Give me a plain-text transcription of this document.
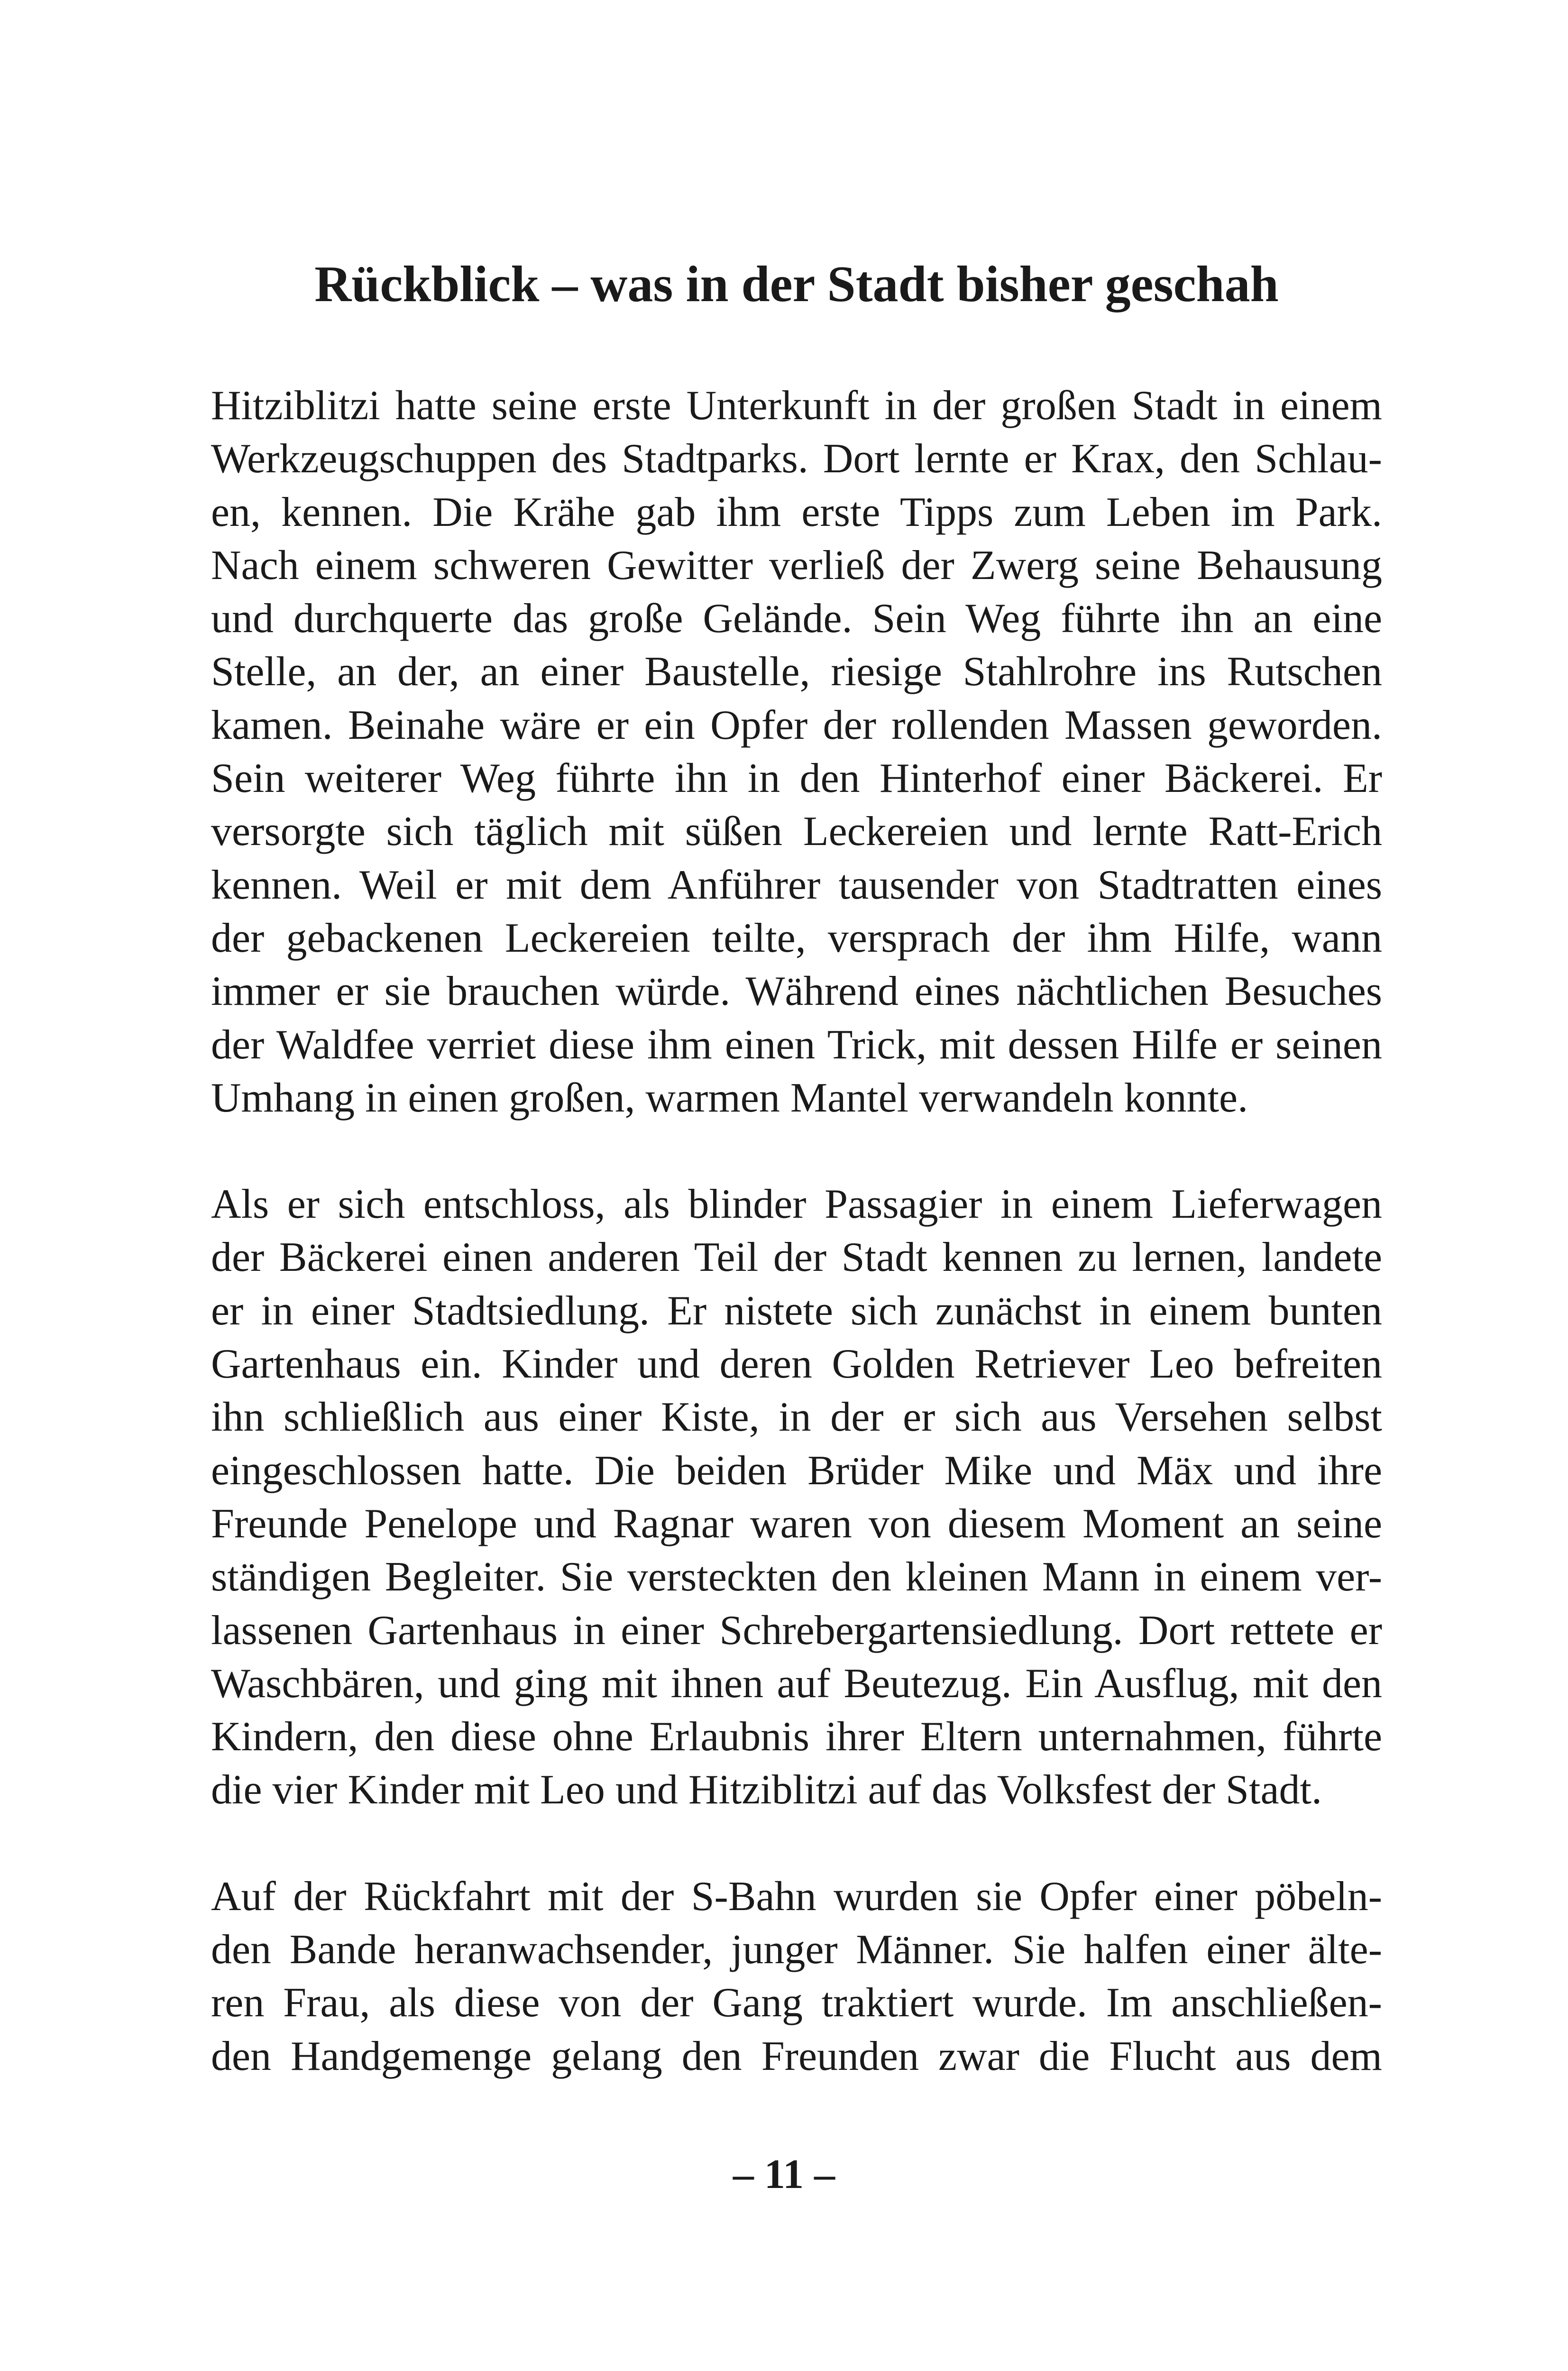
Rückblick – was in der Stadt bisher geschah

Hitziblitzi hatte seine erste Unterkunft in der großen Stadt in einem
Werkzeugschuppen des Stadtparks. Dort lernte er Krax, den Schlau-
en, kennen. Die Krähe gab ihm erste Tipps zum Leben im Park.
Nach einem schweren Gewitter verließ der Zwerg seine Behausung
und durchquerte das große Gelände. Sein Weg führte ihn an eine
Stelle, an der, an einer Baustelle, riesige Stahlrohre ins Rutschen
kamen. Beinahe wäre er ein Opfer der rollenden Massen geworden.
Sein weiterer Weg führte ihn in den Hinterhof einer Bäckerei. Er
versorgte sich täglich mit süßen Leckereien und lernte Ratt-Erich
kennen. Weil er mit dem Anführer tausender von Stadtratten eines
der gebackenen Leckereien teilte, versprach der ihm Hilfe, wann
immer er sie brauchen würde. Während eines nächtlichen Besuches
der Waldfee verriet diese ihm einen Trick, mit dessen Hilfe er seinen
Umhang in einen großen, warmen Mantel verwandeln konnte.

Als er sich entschloss, als blinder Passagier in einem Lieferwagen
der Bäckerei einen anderen Teil der Stadt kennen zu lernen, landete
er in einer Stadtsiedlung. Er nistete sich zunächst in einem bunten
Gartenhaus ein. Kinder und deren Golden Retriever Leo befreiten
ihn schließlich aus einer Kiste, in der er sich aus Versehen selbst
eingeschlossen hatte. Die beiden Brüder Mike und Mäx und ihre
Freunde Penelope und Ragnar waren von diesem Moment an seine
ständigen Begleiter. Sie versteckten den kleinen Mann in einem ver-
lassenen Gartenhaus in einer Schrebergartensiedlung. Dort rettete er
Waschbären, und ging mit ihnen auf Beutezug. Ein Ausflug, mit den
Kindern, den diese ohne Erlaubnis ihrer Eltern unternahmen, führte
die vier Kinder mit Leo und Hitziblitzi auf das Volksfest der Stadt.

Auf der Rückfahrt mit der S-Bahn wurden sie Opfer einer pöbeln-
den Bande heranwachsender, junger Männer. Sie halfen einer älte-
ren Frau, als diese von der Gang traktiert wurde. Im anschließen-
den Handgemenge gelang den Freunden zwar die Flucht aus dem

– 11 –
